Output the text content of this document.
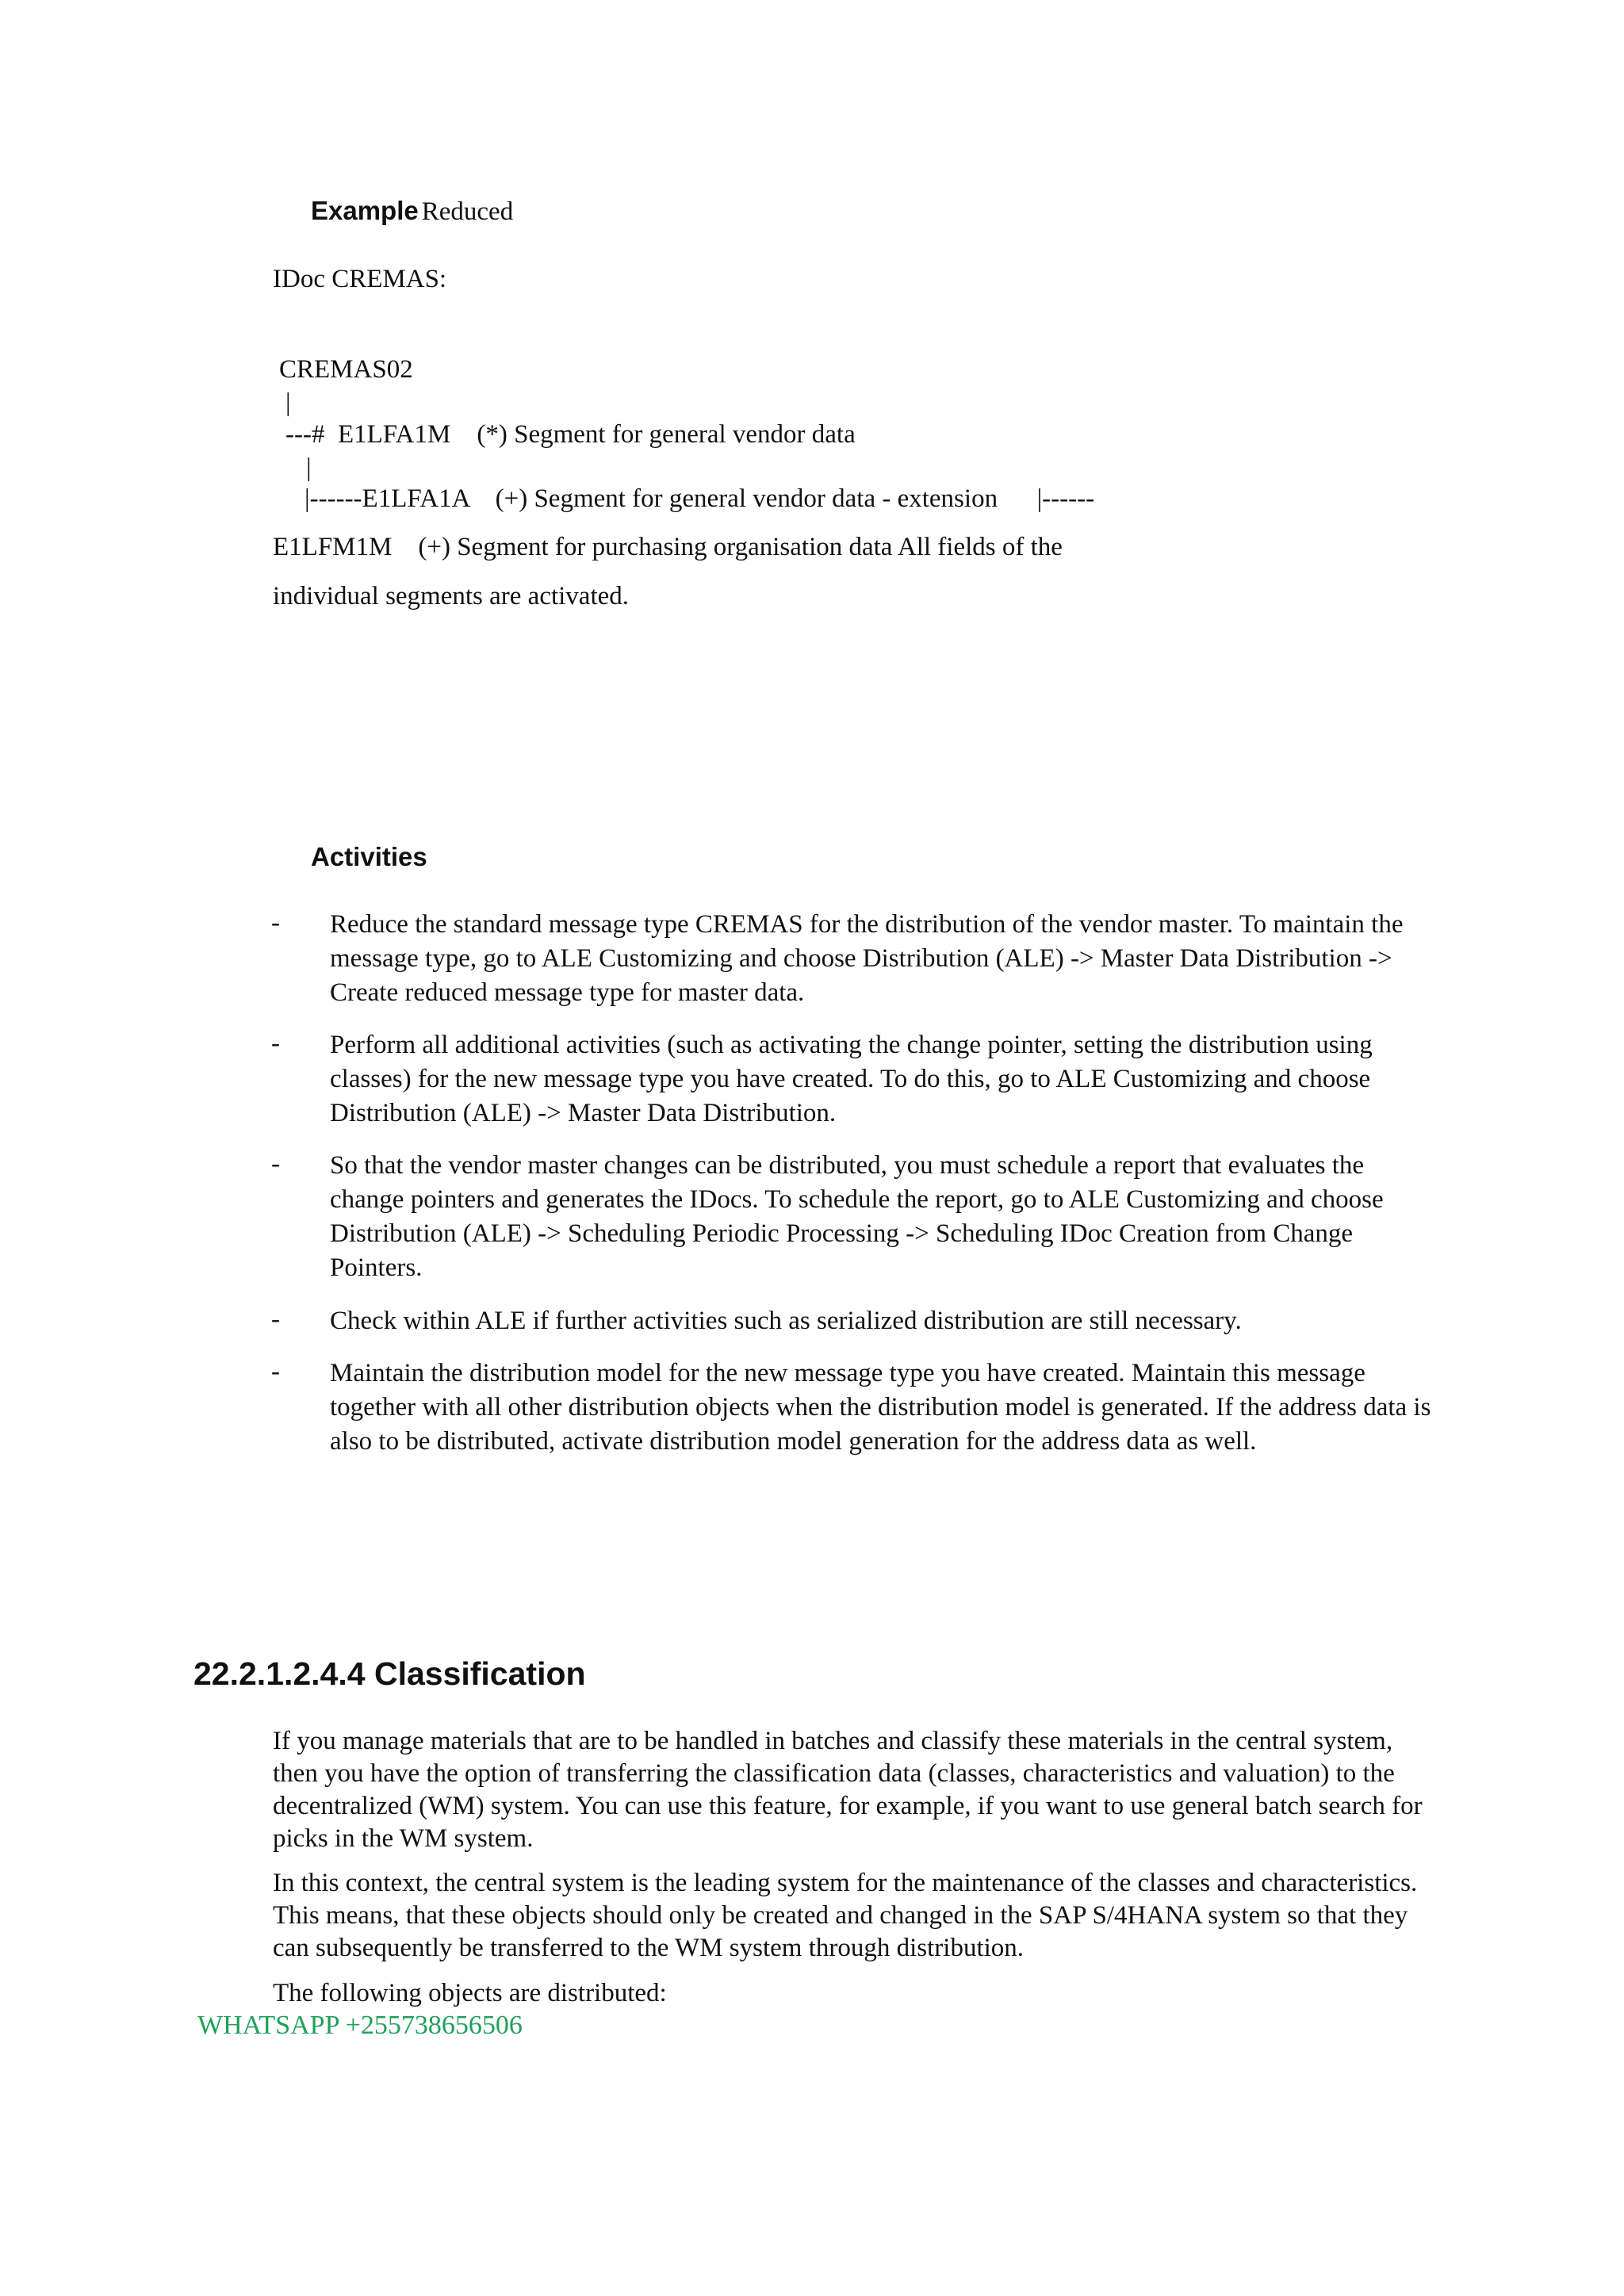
Example Reduced
IDoc CREMAS:
CREMAS02
|
---#  E1LFA1M    (*) Segment for general vendor data
|
|------E1LFA1A    (+) Segment for general vendor data - extension      |------
E1LFM1M    (+) Segment for purchasing organisation data All fields of the
individual segments are activated.
Activities
- Reduce the standard message type CREMAS for the distribution of the vendor master. To maintain the message type, go to ALE Customizing and choose Distribution (ALE) -> Master Data Distribution -> Create reduced message type for master data.
- Perform all additional activities (such as activating the change pointer, setting the distribution using classes) for the new message type you have created. To do this, go to ALE Customizing and choose Distribution (ALE) -> Master Data Distribution.
- So that the vendor master changes can be distributed, you must schedule a report that evaluates the change pointers and generates the IDocs. To schedule the report, go to ALE Customizing and choose Distribution (ALE) -> Scheduling Periodic Processing -> Scheduling IDoc Creation from Change Pointers.
- Check within ALE if further activities such as serialized distribution are still necessary.
- Maintain the distribution model for the new message type you have created. Maintain this message together with all other distribution objects when the distribution model is generated. If the address data is also to be distributed, activate distribution model generation for the address data as well.
22.2.1.2.4.4 Classification
If you manage materials that are to be handled in batches and classify these materials in the central system, then you have the option of transferring the classification data (classes, characteristics and valuation) to the decentralized (WM) system. You can use this feature, for example, if you want to use general batch search for picks in the WM system.
In this context, the central system is the leading system for the maintenance of the classes and characteristics. This means, that these objects should only be created and changed in the SAP S/4HANA system so that they can subsequently be transferred to the WM system through distribution.
The following objects are distributed:
WHATSAPP +255738656506
